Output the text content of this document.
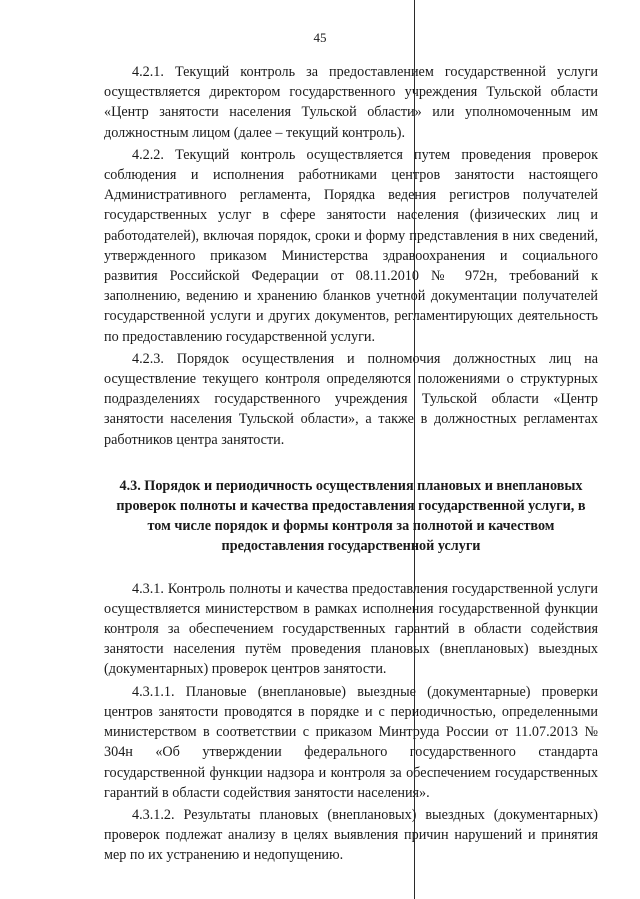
45

4.2.1. Текущий контроль за предоставлением государственной услуги осуществляется директором государственного учреждения Тульской области «Центр занятости населения Тульской области» или уполномоченным им должностным лицом (далее – текущий контроль).

4.2.2. Текущий контроль осуществляется путем проведения проверок соблюдения и исполнения работниками центров занятости настоящего Административного регламента, Порядка ведения регистров получателей государственных услуг в сфере занятости населения (физических лиц и работодателей), включая порядок, сроки и форму представления в них сведений, утвержденного приказом Министерства здравоохранения и социального развития Российской Федерации от 08.11.2010 № 972н, требований к заполнению, ведению и хранению бланков учетной документации получателей государственной услуги и других документов, регламентирующих деятельность по предоставлению государственной услуги.

4.2.3. Порядок осуществления и полномочия должностных лиц на осуществление текущего контроля определяются положениями о структурных подразделениях государственного учреждения Тульской области «Центр занятости населения Тульской области», а также в должностных регламентах работников центра занятости.

4.3. Порядок и периодичность осуществления плановых и внеплановых проверок полноты и качества предоставления государственной услуги, в том числе порядок и формы контроля за полнотой и качеством предоставления государственной услуги

4.3.1. Контроль полноты и качества предоставления государственной услуги осуществляется министерством в рамках исполнения государственной функции контроля за обеспечением государственных гарантий в области содействия занятости населения путём проведения плановых (внеплановых) выездных (документарных) проверок центров занятости.

4.3.1.1. Плановые (внеплановые) выездные (документарные) проверки центров занятости проводятся в порядке и с периодичностью, определенными министерством в соответствии с приказом Минтруда России от 11.07.2013 № 304н «Об утверждении федерального государственного стандарта государственной функции надзора и контроля за обеспечением государственных гарантий в области содействия занятости населения».

4.3.1.2. Результаты плановых (внеплановых) выездных (документарных) проверок подлежат анализу в целях выявления причин нарушений и принятия мер по их устранению и недопущению.
